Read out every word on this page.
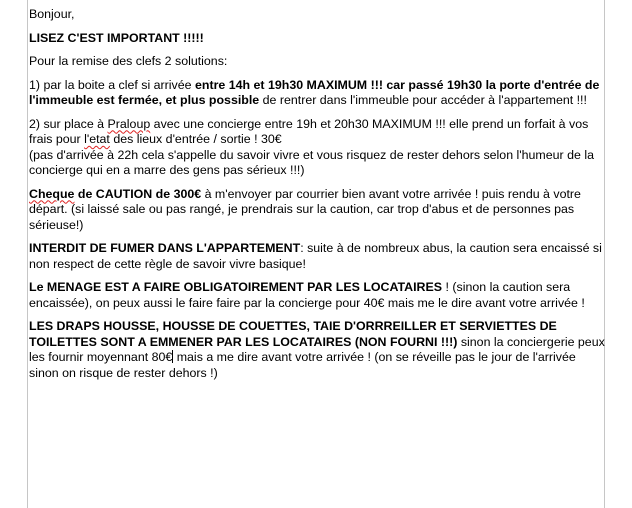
Bonjour,

LISEZ C'EST IMPORTANT !!!!!

Pour la remise des clefs 2 solutions:

1) par la boite a clef si arrivée entre 14h et 19h30 MAXIMUM !!! car passé 19h30 la porte d'entrée de l'immeuble est fermée, et plus possible de rentrer dans l'immeuble pour accéder à l'appartement !!!

2) sur place à Praloup avec une concierge entre 19h et 20h30 MAXIMUM !!! elle prend un forfait à vos frais pour l'etat des lieux d'entrée / sortie ! 30€
(pas d'arrivée à 22h cela s'appelle du savoir vivre et vous risquez de rester dehors selon l'humeur de la concierge qui en a marre des gens pas sérieux !!!)

Cheque de CAUTION de 300€ à m'envoyer par courrier bien avant votre arrivée ! puis rendu à votre départ. (si laissé sale ou pas rangé, je prendrais sur la caution, car trop d'abus et de personnes pas sérieuse!)

INTERDIT DE FUMER DANS L'APPARTEMENT: suite à de nombreux abus, la caution sera encaissé si non respect de cette règle de savoir vivre basique!

Le MENAGE EST A FAIRE OBLIGATOIREMENT PAR LES LOCATAIRES ! (sinon la caution sera encaissée), on peux aussi le faire faire par la concierge pour 40€ mais me le dire avant votre arrivée !

LES DRAPS HOUSSE, HOUSSE DE COUETTES, TAIE D'ORRREILLER ET SERVIETTES DE TOILETTES SONT A EMMENER PAR LES LOCATAIRES (NON FOURNI !!!) sinon la conciergerie peux les fournir moyennant 80€ mais a me dire avant votre arrivée ! (on se réveille pas le jour de l'arrivée sinon on risque de rester dehors !)
